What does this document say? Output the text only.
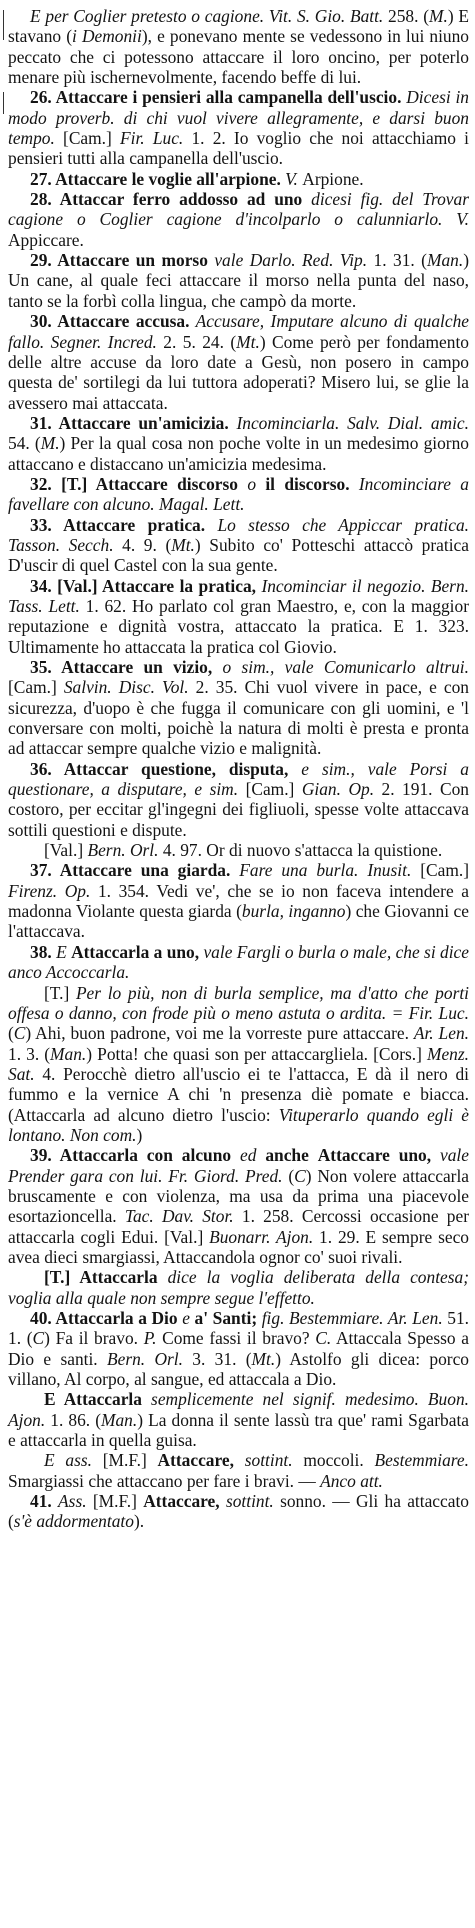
E per Coglier pretesto o cagione. Vit. S. Gio. Batt. 258. (M.) E stavano (i Demonii), e ponevano mente se vedessono in lui niuno peccato che ci potessono attaccare il loro oncino, per poterlo menare più ischernevolmente, facendo beffe di lui.

26. Attaccare i pensieri alla campanella dell'uscio. Dicesi in modo proverb. di chi vuol vivere allegramente, e darsi buon tempo. [Cam.] Fir. Luc. 1. 2. Io voglio che noi attacchiamo i pensieri tutti alla campanella dell'uscio.

27. Attaccare le voglie all'arpione. V. Arpione.

28. Attaccar ferro addosso ad uno dicesi fig. del Trovar cagione o Coglier cagione d'incolparlo o calunniarlo. V. Appiccare.

29. Attaccare un morso vale Darlo. Red. Vip. 1. 31. (Man.) Un cane, al quale feci attaccare il morso nella punta del naso, tanto se la forbì colla lingua, che campò da morte.

30. Attaccare accusa. Accusare, Imputare alcuno di qualche fallo. Segner. Incred. 2. 5. 24. (Mt.) Come però per fondamento delle altre accuse da loro date a Gesù, non posero in campo questa de' sortilegi da lui tuttora adoperati? Misero lui, se glie la avessero mai attaccata.

31. Attaccare un'amicizia. Incominciarla. Salv. Dial. amic. 54. (M.) Per la qual cosa non poche volte in un medesimo giorno attaccano e distaccano un'amicizia medesima.

32. [T.] Attaccare discorso o il discorso. Incominciare a favellare con alcuno. Magal. Lett.

33. Attaccare pratica. Lo stesso che Appiccar pratica. Tasson. Secch. 4. 9. (Mt.) Subito co' Potteschi attaccò pratica D'uscir di quel Castel con la sua gente.

34. [Val.] Attaccare la pratica, Incominciar il negozio. Bern. Tass. Lett. 1. 62. Ho parlato col gran Maestro, e, con la maggior reputazione e dignità vostra, attaccato la pratica. E 1. 323. Ultimamente ho attaccata la pratica col Giovio.

35. Attaccare un vizio, o sim., vale Comunicarlo altrui. [Cam.] Salvin. Disc. Vol. 2. 35. Chi vuol vivere in pace, e con sicurezza, d'uopo è che fugga il comunicare con gli uomini, e 'l conversare con molti, poichè la natura di molti è presta e pronta ad attaccar sempre qualche vizio e malignità.

36. Attaccar questione, disputa, e sim., vale Porsi a questionare, a disputare, e sim. [Cam.] Gian. Op. 2. 191. Con costoro, per eccitar gl'ingegni dei figliuoli, spesse volte attaccava sottili questioni e dispute.

[Val.] Bern. Orl. 4. 97. Or di nuovo s'attacca la quistione.

37. Attaccare una giarda. Fare una burla. Inusit. [Cam.] Firenz. Op. 1. 354. Vedi ve', che se io non faceva intendere a madonna Violante questa giarda (burla, inganno) che Giovanni ce l'attaccava.

38. E Attaccarla a uno, vale Fargli o burla o male, che si dice anco Accoccarla.

[T.] Per lo più, non di burla semplice, ma d'atto che porti offesa o danno, con frode più o meno astuta o ardita. = Fir. Luc. (C) Ahi, buon padrone, voi me la vorreste pure attaccare. Ar. Len. 1. 3. (Man.) Potta! che quasi son per attaccargliela. [Cors.] Menz. Sat. 4. Perocchè dietro all'uscio ei te l'attacca, E dà il nero di fummo e la vernice A chi 'n presenza diè pomate e biacca. (Attaccarla ad alcuno dietro l'uscio: Vituperarlo quando egli è lontano. Non com.)

39. Attaccarla con alcuno ed anche Attaccare uno, vale Prender gara con lui. Fr. Giord. Pred. (C) Non volere attaccarla bruscamente e con violenza, ma usa da prima una piacevole esortazioncella. Tac. Dav. Stor. 1. 258. Cercossi occasione per attaccarla cogli Edui. [Val.] Buonarr. Ajon. 1. 29. E sempre seco avea dieci smargiassi, Attaccandola ognor co' suoi rivali.

[T.] Attaccarla dice la voglia deliberata della contesa; voglia alla quale non sempre segue l'effetto.

40. Attaccarla a Dio e a' Santi; fig. Bestemmiare. Ar. Len. 51. 1. (C) Fa il bravo. P. Come fassi il bravo? C. Attaccala Spesso a Dio e santi. Bern. Orl. 3. 31. (Mt.) Astolfo gli dicea: porco villano, Al corpo, al sangue, ed attaccala a Dio.

E Attaccarla semplicemente nel signif. medesimo. Buon. Ajon. 1. 86. (Man.) La donna il sente lassù tra que' rami Sgarbata e attaccarla in quella guisa.

E ass. [M.F.] Attaccare, sottint. moccoli. Bestemmiare. Smargiassi che attaccano per fare i bravi. — Anco att.

41. Ass. [M.F.] Attaccare, sottint. sonno. — Gli ha attaccato (s'è addormentato).
